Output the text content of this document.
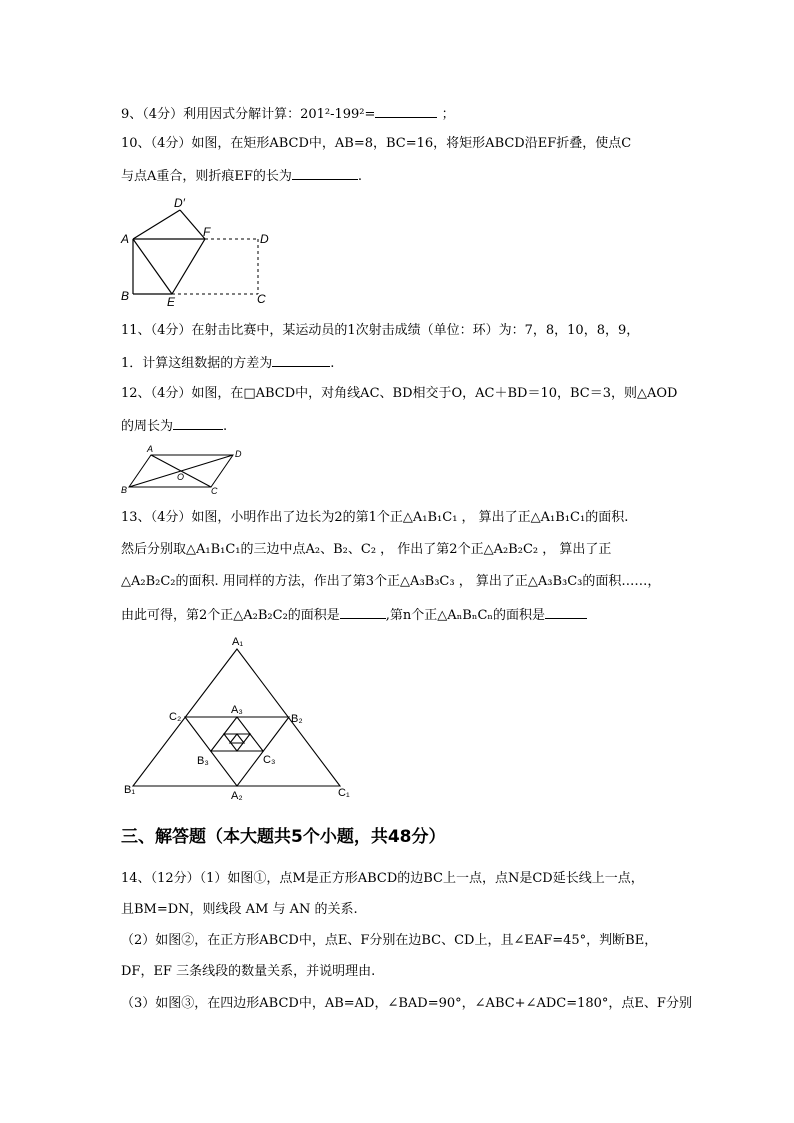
9、（4分）利用因式分解计算：201²-199²=	；
10、（4分）如图，在矩形ABCD中，AB=8，BC=16，将矩形ABCD沿EF折叠，使点C
与点A重合，则折痕EF的长为	.
D′
F
A	D
B	E	C
11、（4分）在射击比赛中，某运动员的1次射击成绩（单位：环）为：7，8，10，8，9，
1．计算这组数据的方差为	.
12、（4分）如图，在□ABCD中，对角线AC、BD相交于O，AC＋BD＝10，BC＝3，则△AOD
的周长为	.
A	D
O
B	C
13、（4分）如图，小明作出了边长为2的第1个正△A₁B₁C₁ ， 算出了正△A₁B₁C₁的面积.
然后分别取△A₁B₁C₁的三边中点A₂、B₂、C₂ ， 作出了第2个正△A₂B₂C₂ ， 算出了正
△A₂B₂C₂的面积. 用同样的方法，作出了第3个正△A₃B₃C₃ ， 算出了正△A₃B₃C₃的面积……，
由此可得，第2个正△A₂B₂C₂的面积是	,第n个正△AₙBₙCₙ的面积是
A₁
C₂
A₃
B₂
B₃	C₃
B₁	A₂	C₁
三、解答题（本大题共5个小题，共48分）
14、（12分）（1）如图①，点M是正方形ABCD的边BC上一点，点N是CD延长线上一点，
且BM=DN，则线段 AM 与 AN 的关系.
（2）如图②，在正方形ABCD中，点E、F分别在边BC、CD上，且∠EAF=45°，判断BE，
DF，EF 三条线段的数量关系，并说明理由.
（3）如图③，在四边形ABCD中，AB=AD，∠BAD=90°，∠ABC+∠ADC=180°，点E、F分别
